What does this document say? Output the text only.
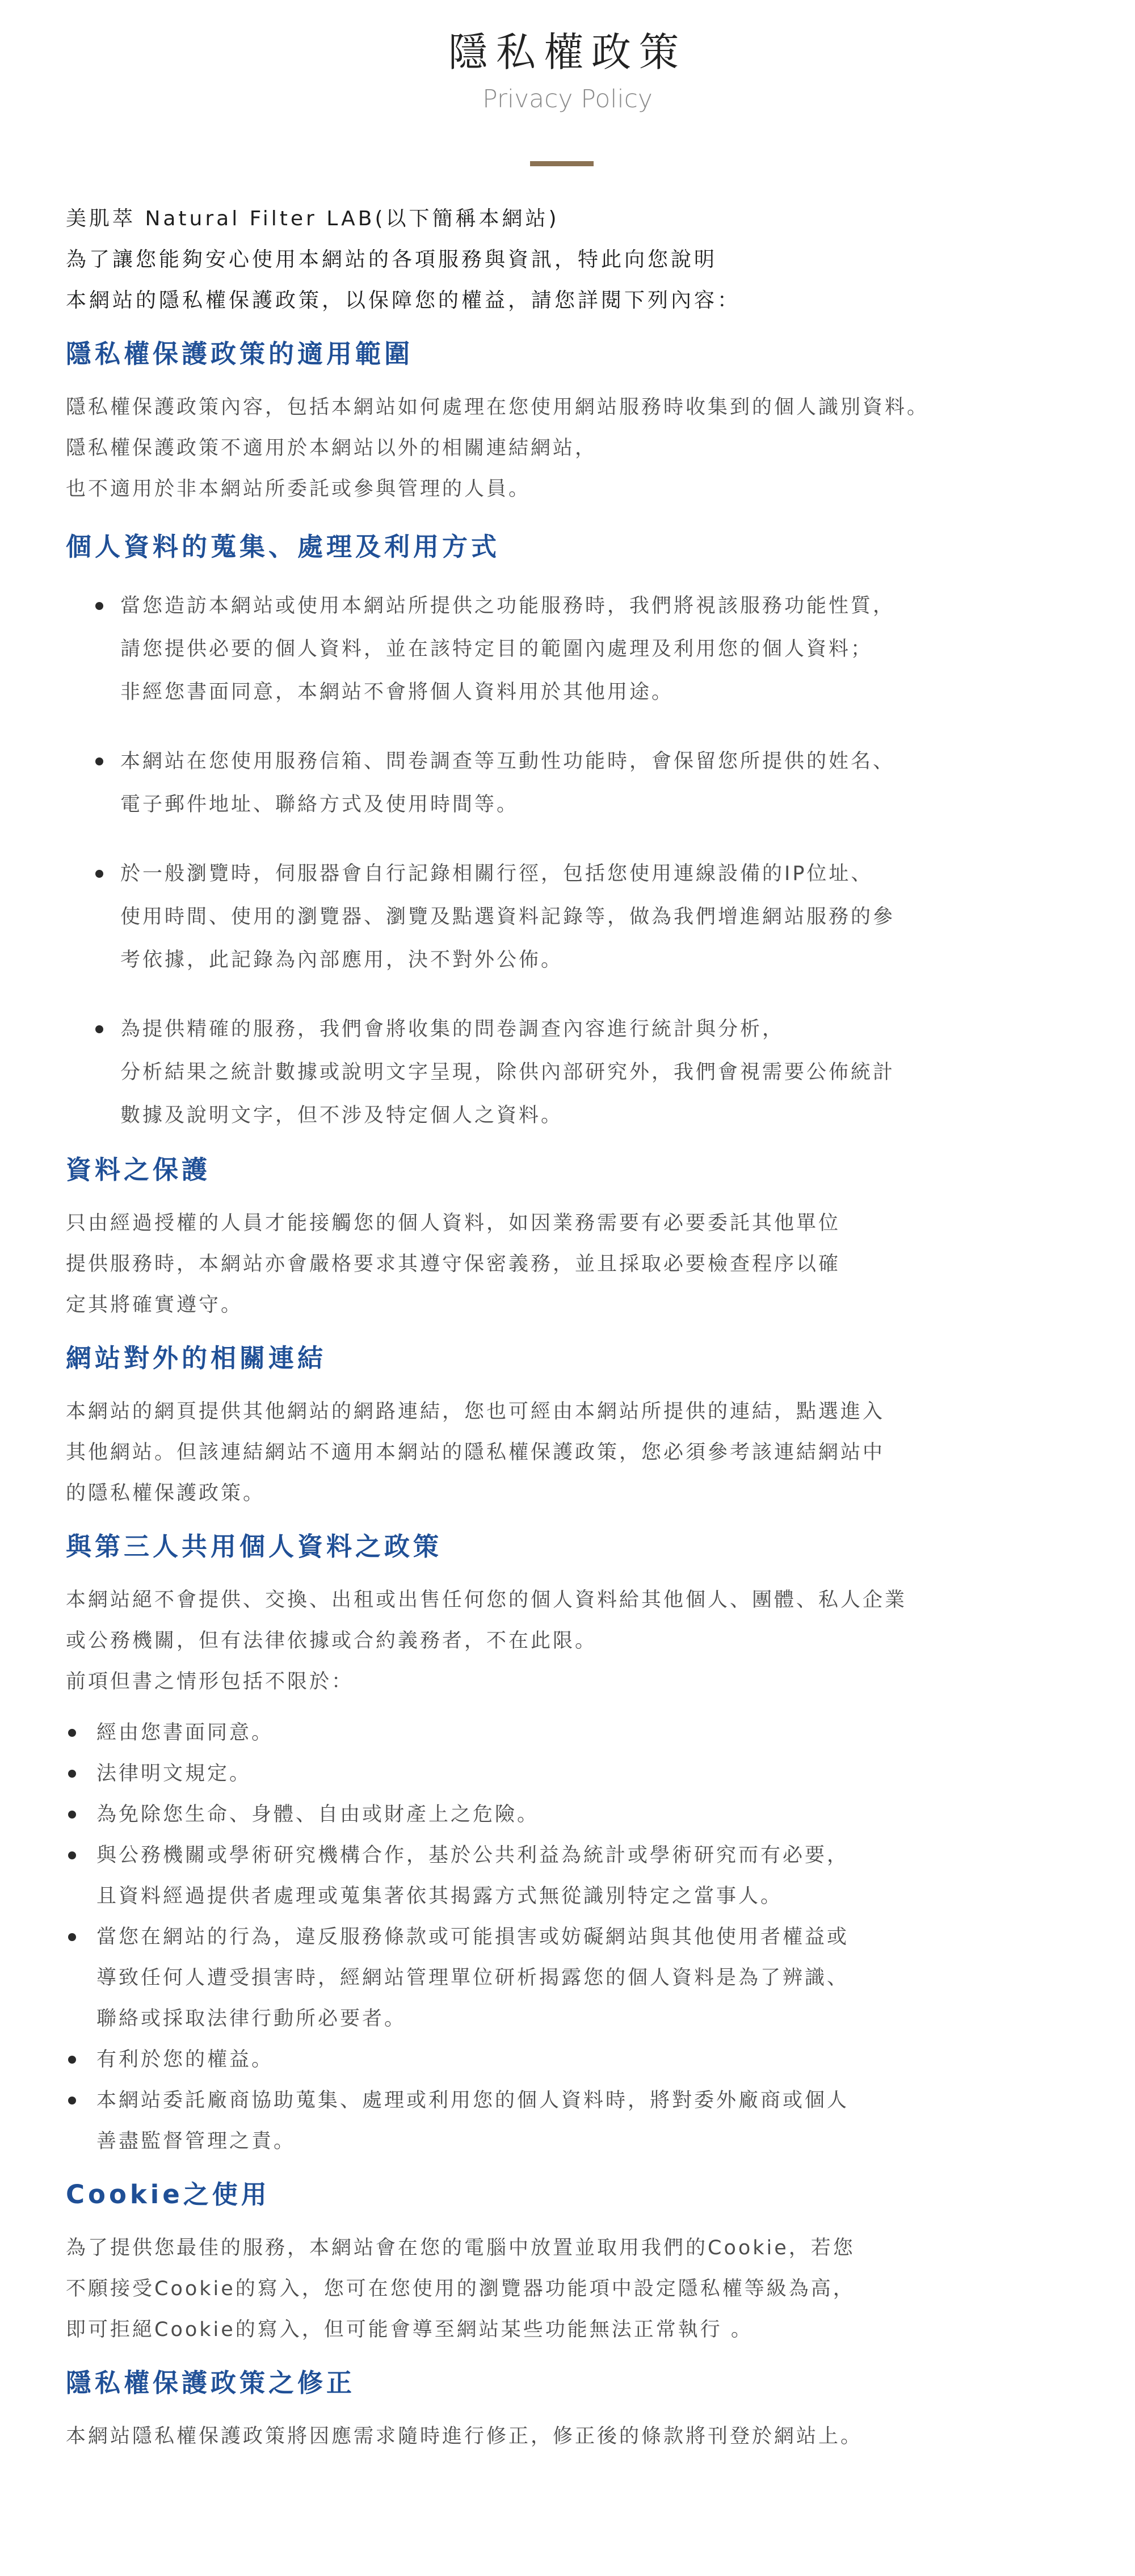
隱私權政策
Privacy Policy

美肌萃 Natural Filter LAB(以下簡稱本網站)

為了讓您能夠安心使用本網站的各項服務與資訊，特此向您說明

本網站的隱私權保護政策，以保障您的權益，請您詳閱下列內容：

隱私權保護政策的適用範圍

隱私權保護政策內容，包括本網站如何處理在您使用網站服務時收集到的個人識別資料。

隱私權保護政策不適用於本網站以外的相關連結網站，

也不適用於非本網站所委託或參與管理的人員。

個人資料的蒐集、處理及利用方式

當您造訪本網站或使用本網站所提供之功能服務時，我們將視該服務功能性質，

請您提供必要的個人資料，並在該特定目的範圍內處理及利用您的個人資料；

非經您書面同意，本網站不會將個人資料用於其他用途。

本網站在您使用服務信箱、問卷調查等互動性功能時，會保留您所提供的姓名、

電子郵件地址、聯絡方式及使用時間等。

於一般瀏覽時，伺服器會自行記錄相關行徑，包括您使用連線設備的IP位址、

使用時間、使用的瀏覽器、瀏覽及點選資料記錄等，做為我們增進網站服務的參

考依據，此記錄為內部應用，決不對外公佈。

為提供精確的服務，我們會將收集的問卷調查內容進行統計與分析，

分析結果之統計數據或說明文字呈現，除供內部研究外，我們會視需要公佈統計

數據及說明文字，但不涉及特定個人之資料。

資料之保護

只由經過授權的人員才能接觸您的個人資料，如因業務需要有必要委託其他單位

提供服務時，本網站亦會嚴格要求其遵守保密義務，並且採取必要檢查程序以確

定其將確實遵守。

網站對外的相關連結

本網站的網頁提供其他網站的網路連結，您也可經由本網站所提供的連結，點選進入

其他網站。但該連結網站不適用本網站的隱私權保護政策，您必須參考該連結網站中

的隱私權保護政策。

與第三人共用個人資料之政策

本網站絕不會提供、交換、出租或出售任何您的個人資料給其他個人、團體、私人企業

或公務機關，但有法律依據或合約義務者，不在此限。

前項但書之情形包括不限於：

經由您書面同意。

法律明文規定。

為免除您生命、身體、自由或財產上之危險。

與公務機關或學術研究機構合作，基於公共利益為統計或學術研究而有必要，

且資料經過提供者處理或蒐集著依其揭露方式無從識別特定之當事人。

當您在網站的行為，違反服務條款或可能損害或妨礙網站與其他使用者權益或

導致任何人遭受損害時，經網站管理單位研析揭露您的個人資料是為了辨識、

聯絡或採取法律行動所必要者。

有利於您的權益。

本網站委託廠商協助蒐集、處理或利用您的個人資料時，將對委外廠商或個人

善盡監督管理之責。

Cookie之使用

為了提供您最佳的服務，本網站會在您的電腦中放置並取用我們的Cookie，若您

不願接受Cookie的寫入，您可在您使用的瀏覽器功能項中設定隱私權等級為高，

即可拒絕Cookie的寫入，但可能會導至網站某些功能無法正常執行 。

隱私權保護政策之修正

本網站隱私權保護政策將因應需求隨時進行修正，修正後的條款將刊登於網站上。
